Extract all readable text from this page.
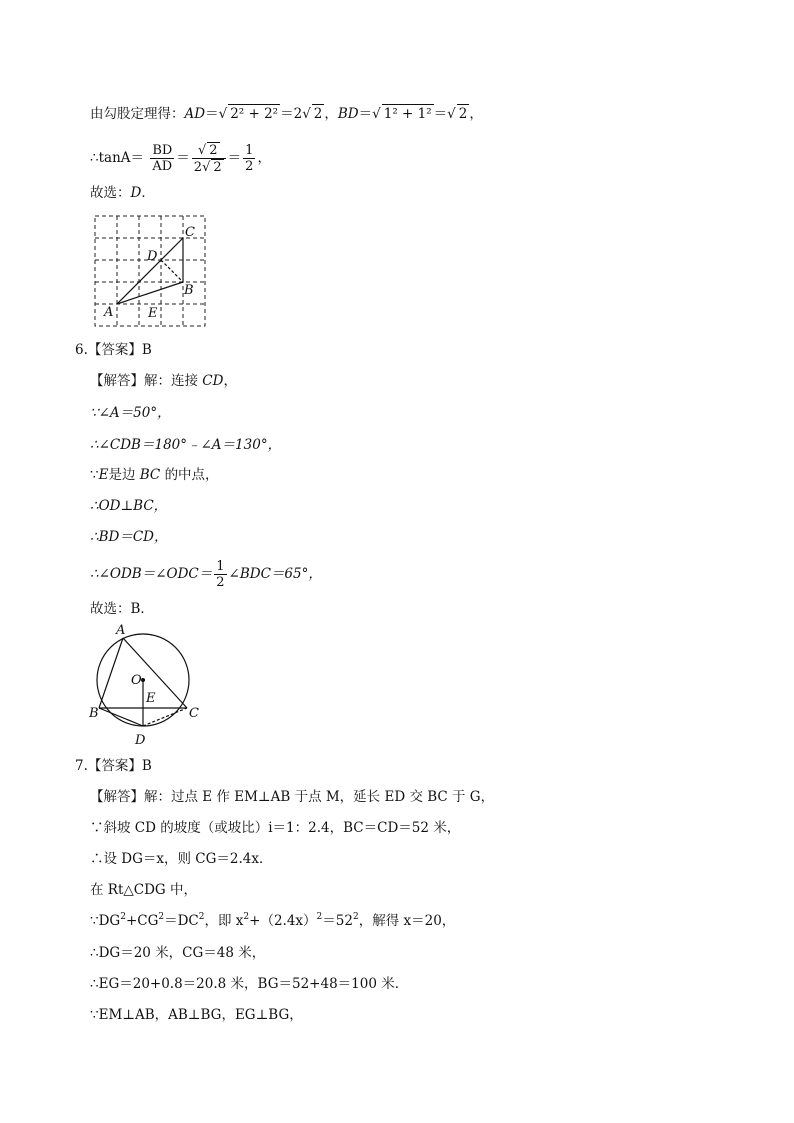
由勾股定理得：AD＝√ 2² + 2² ＝2√ 2 ，BD＝√ 1² + 1² ＝√ 2 ，
∴tanA＝ $\frac{BD}{AD} = \frac{√ 2}{2√ 2} = \frac{1}{2}$ ，
故选：D．
C
D
B
A	E
6.【答案】B
【解答】解：连接 CD，
∵∠A＝50°，
∴∠CDB＝180°﹣∠A＝130°，
∵E是边 BC 的中点，
∴OD⊥BC，
∴BD＝CD，
∴∠ODB＝∠ODC＝ $\frac{1}{2}$ ∠BDC＝65°，
故选：B．
A
O
E
B	C
D
7.【答案】B
【解答】解：过点 E 作 EM⊥AB 于点 M，延长 ED 交 BC 于 G，
∵斜坡 CD 的坡度（或坡比）i＝1：2.4，BC＝CD＝52 米，
∴设 DG＝x，则 CG＝2.4x．
在 Rt△CDG 中，
$\because DG^2+CG^2=DC^2$，即 $x^2+(2.4x)^2=52^2$，解得 x＝20，
∴DG＝20 米，CG＝48 米，
∴EG＝20+0.8＝20.8 米，BG＝52+48＝100 米．
∵EM⊥AB，AB⊥BG，EG⊥BG，
